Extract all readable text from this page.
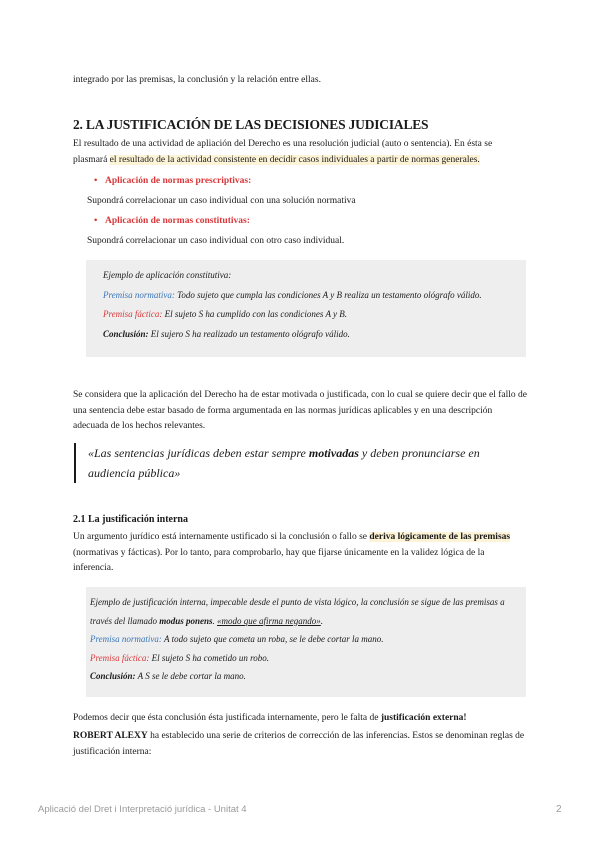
integrado por las premisas, la conclusión y la relación entre ellas.
2. LA JUSTIFICACIÓN DE LAS DECISIONES JUDICIALES
El resultado de una actividad de apliación del Derecho es una resolución judicial (auto o sentencia). En ésta se plasmará el resultado de la actividad consistente en decidir casos individuales a partir de normas generales.
• Aplicación de normas prescriptivas:
Supondrá correlacionar un caso individual con una solución normativa
• Aplicación de normas constitutivas:
Supondrá correlacionar un caso individual con otro caso individual.
Ejemplo de aplicación constitutiva:
Premisa normativa: Todo sujeto que cumpla las condiciones A y B realiza un testamento ológrafo válido.
Premisa fáctica: El sujeto S ha cumplido con las condiciones A y B.
Conclusión: El sujero S ha realizado un testamento ológrafo válido.
Se considera que la aplicación del Derecho ha de estar motivada o justificada, con lo cual se quiere decir que el fallo de una sentencia debe estar basado de forma argumentada en las normas jurídicas aplicables y en una descripción adecuada de los hechos relevantes.
«Las sentencias jurídicas deben estar sempre motivadas y deben pronunciarse en audiencia pública»
2.1 La justificación interna
Un argumento jurídico está internamente ustificado si la conclusión o fallo se deriva lógicamente de las premisas (normativas y fácticas). Por lo tanto, para comprobarlo, hay que fijarse únicamente en la validez lógica de la inferencia.
Ejemplo de justificación interna, impecable desde el punto de vista lógico, la conclusión se sigue de las premisas a través del llamado modus ponens. «modo que afirma negando».
Premisa normativa: A todo sujeto que cometa un roba, se le debe cortar la mano.
Premisa fáctica: El sujeto S ha cometido un robo.
Conclusión: A S se le debe cortar la mano.
Podemos decir que ésta conclusión ésta justificada internamente, pero le falta de justificación externa!
ROBERT ALEXY ha establecido una serie de criterios de corrección de las inferencias. Estos se denominan reglas de justificación interna:
Aplicació del Dret i Interpretació jurídica - Unitat 4	2
